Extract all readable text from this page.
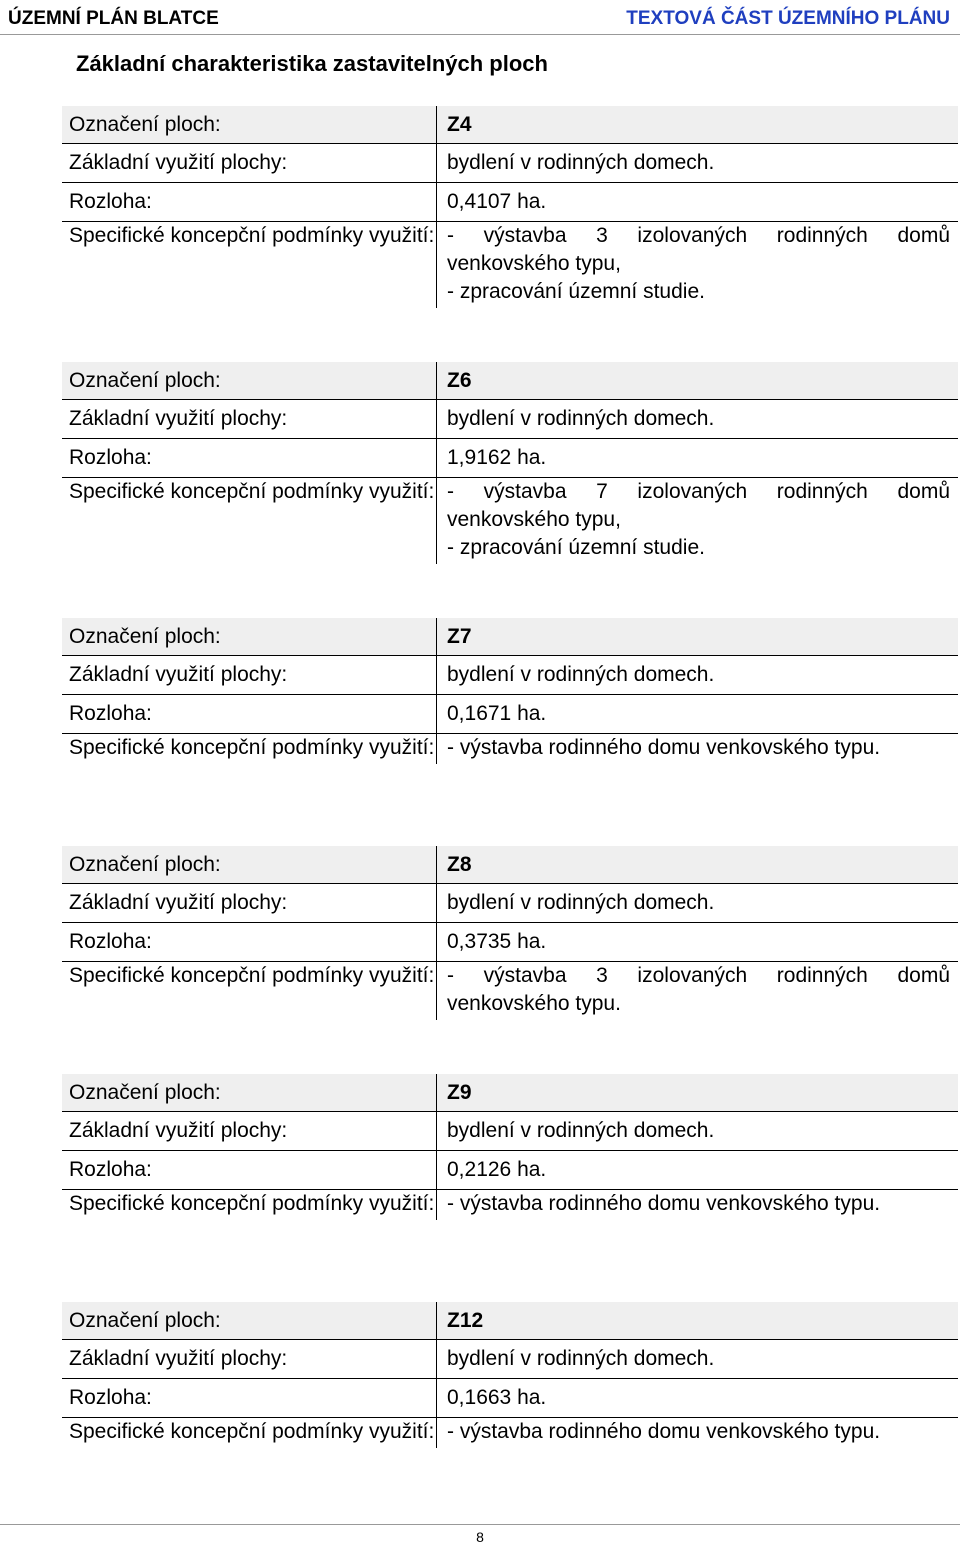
ÚZEMNÍ PLÁN BLATCE	TEXTOVÁ ČÁST ÚZEMNÍHO PLÁNU
Základní charakteristika zastavitelných ploch
Označení ploch:	Z4
Základní využití plochy:	bydlení v rodinných domech.
Rozloha:	0,4107 ha.
Specifické koncepční podmínky využití: - výstavba 3 izolovaných rodinných domů venkovského typu,
- zpracování územní studie.
Označení ploch:	Z6
Základní využití plochy:	bydlení v rodinných domech.
Rozloha:	1,9162 ha.
Specifické koncepční podmínky využití: - výstavba 7 izolovaných rodinných domů venkovského typu,
- zpracování územní studie.
Označení ploch:	Z7
Základní využití plochy:	bydlení v rodinných domech.
Rozloha:	0,1671 ha.
Specifické koncepční podmínky využití: - výstavba rodinného domu venkovského typu.
Označení ploch:	Z8
Základní využití plochy:	bydlení v rodinných domech.
Rozloha:	0,3735 ha.
Specifické koncepční podmínky využití: - výstavba 3 izolovaných rodinných domů venkovského typu.
Označení ploch:	Z9
Základní využití plochy:	bydlení v rodinných domech.
Rozloha:	0,2126 ha.
Specifické koncepční podmínky využití: - výstavba rodinného domu venkovského typu.
Označení ploch:	Z12
Základní využití plochy:	bydlení v rodinných domech.
Rozloha:	0,1663 ha.
Specifické koncepční podmínky využití: - výstavba rodinného domu venkovského typu.
8
